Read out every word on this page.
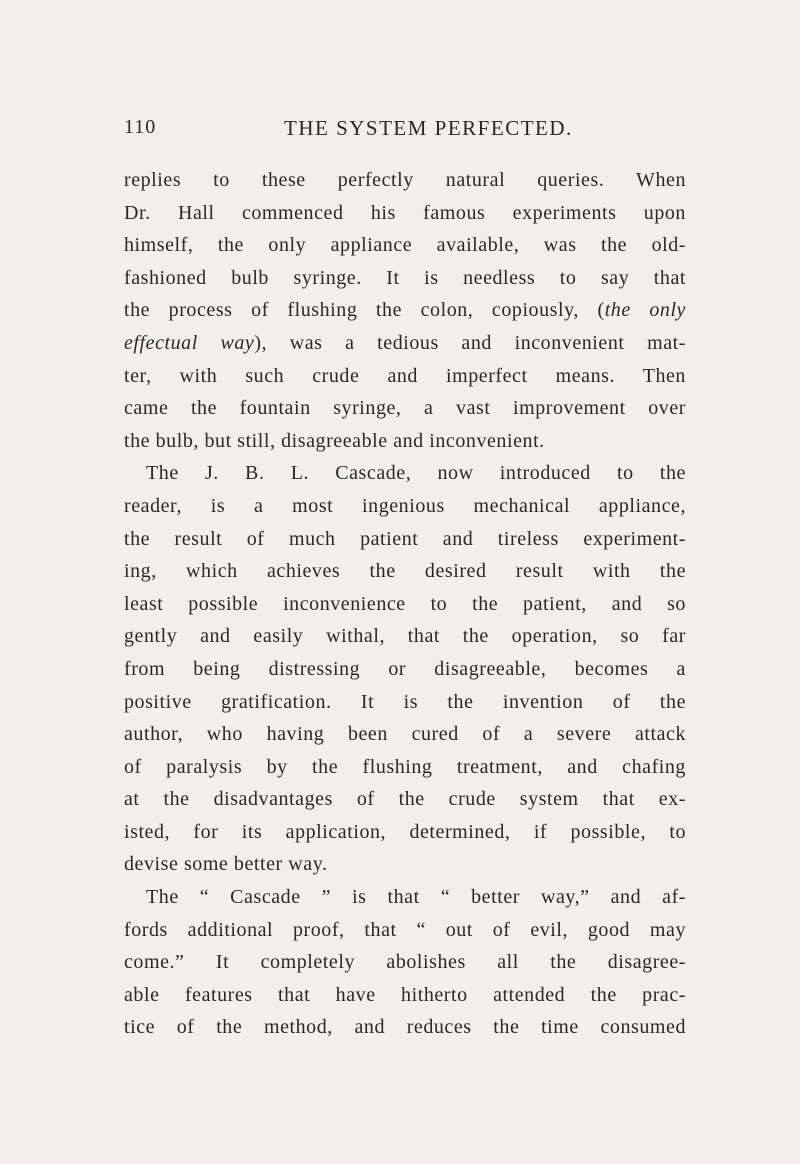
110	THE SYSTEM PERFECTED.
replies to these perfectly natural queries. When
Dr. Hall commenced his famous experiments upon
himself, the only appliance available, was the old-
fashioned bulb syringe. It is needless to say that
the process of flushing the colon, copiously, (the only
effectual way), was a tedious and inconvenient mat-
ter, with such crude and imperfect means. Then
came the fountain syringe, a vast improvement over
the bulb, but still, disagreeable and inconvenient.
The J. B. L. Cascade, now introduced to the
reader, is a most ingenious mechanical appliance,
the result of much patient and tireless experiment-
ing, which achieves the desired result with the
least possible inconvenience to the patient, and so
gently and easily withal, that the operation, so far
from being distressing or disagreeable, becomes a
positive gratification. It is the invention of the
author, who having been cured of a severe attack
of paralysis by the flushing treatment, and chafing
at the disadvantages of the crude system that ex-
isted, for its application, determined, if possible, to
devise some better way.
The “ Cascade ” is that “ better way,” and af-
fords additional proof, that “ out of evil, good may
come.” It completely abolishes all the disagree-
able features that have hitherto attended the prac-
tice of the method, and reduces the time consumed
